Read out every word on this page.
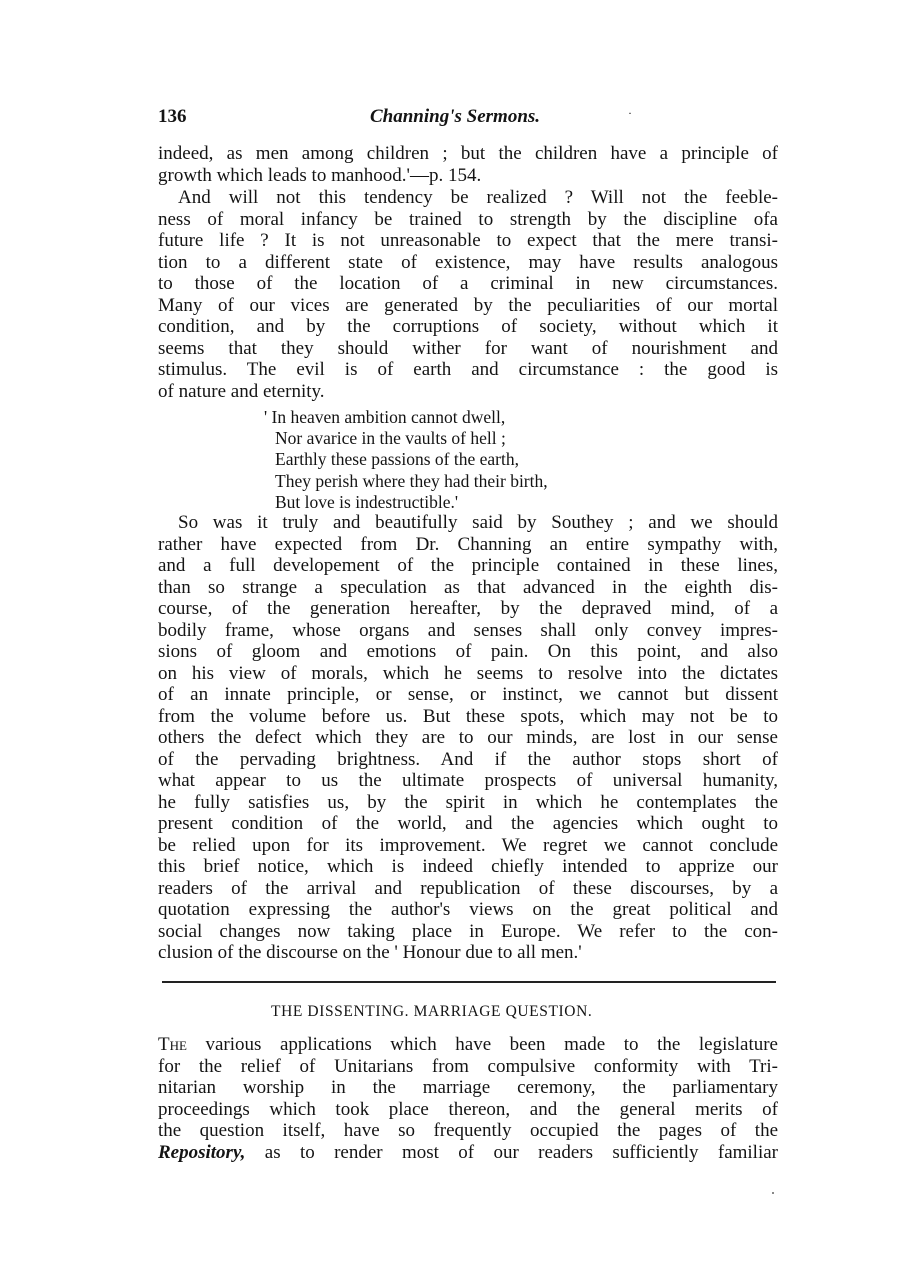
136	Channing's Sermons.	·
indeed, as men among children ; but the children have a principle of
growth which leads to manhood.'—p. 154.
And will not this tendency be realized ? Will not the feeble-
ness of moral infancy be trained to strength by the discipline ofa
future life ? It is not unreasonable to expect that the mere transi-
tion to a different state of existence, may have results analogous
to those of the location of a criminal in new circumstances.
Many of our vices are generated by the peculiarities of our mortal
condition, and by the corruptions of society, without which it
seems that they should wither for want of nourishment and
stimulus. The evil is of earth and circumstance : the good is
of nature and eternity.
' In heaven ambition cannot dwell,
Nor avarice in the vaults of hell ;
Earthly these passions of the earth,
They perish where they had their birth,
But love is indestructible.'
So was it truly and beautifully said by Southey ; and we should
rather have expected from Dr. Channing an entire sympathy with,
and a full developement of the principle contained in these lines,
than so strange a speculation as that advanced in the eighth dis-
course, of the generation hereafter, by the depraved mind, of a
bodily frame, whose organs and senses shall only convey impres-
sions of gloom and emotions of pain. On this point, and also
on his view of morals, which he seems to resolve into the dictates
of an innate principle, or sense, or instinct, we cannot but dissent
from the volume before us. But these spots, which may not be to
others the defect which they are to our minds, are lost in our sense
of the pervading brightness. And if the author stops short of
what appear to us the ultimate prospects of universal humanity,
he fully satisfies us, by the spirit in which he contemplates the
present condition of the world, and the agencies which ought to
be relied upon for its improvement. We regret we cannot conclude
this brief notice, which is indeed chiefly intended to apprize our
readers of the arrival and republication of these discourses, by a
quotation expressing the author's views on the great political and
social changes now taking place in Europe. We refer to the con-
clusion of the discourse on the ' Honour due to all men.'
THE DISSENTING. MARRIAGE QUESTION.
The various applications which have been made to the legislature
for the relief of Unitarians from compulsive conformity with Tri-
nitarian worship in the marriage ceremony, the parliamentary
proceedings which took place thereon, and the general merits of
the question itself, have so frequently occupied the pages of the
Repository, as to render most of our readers sufficiently familiar
